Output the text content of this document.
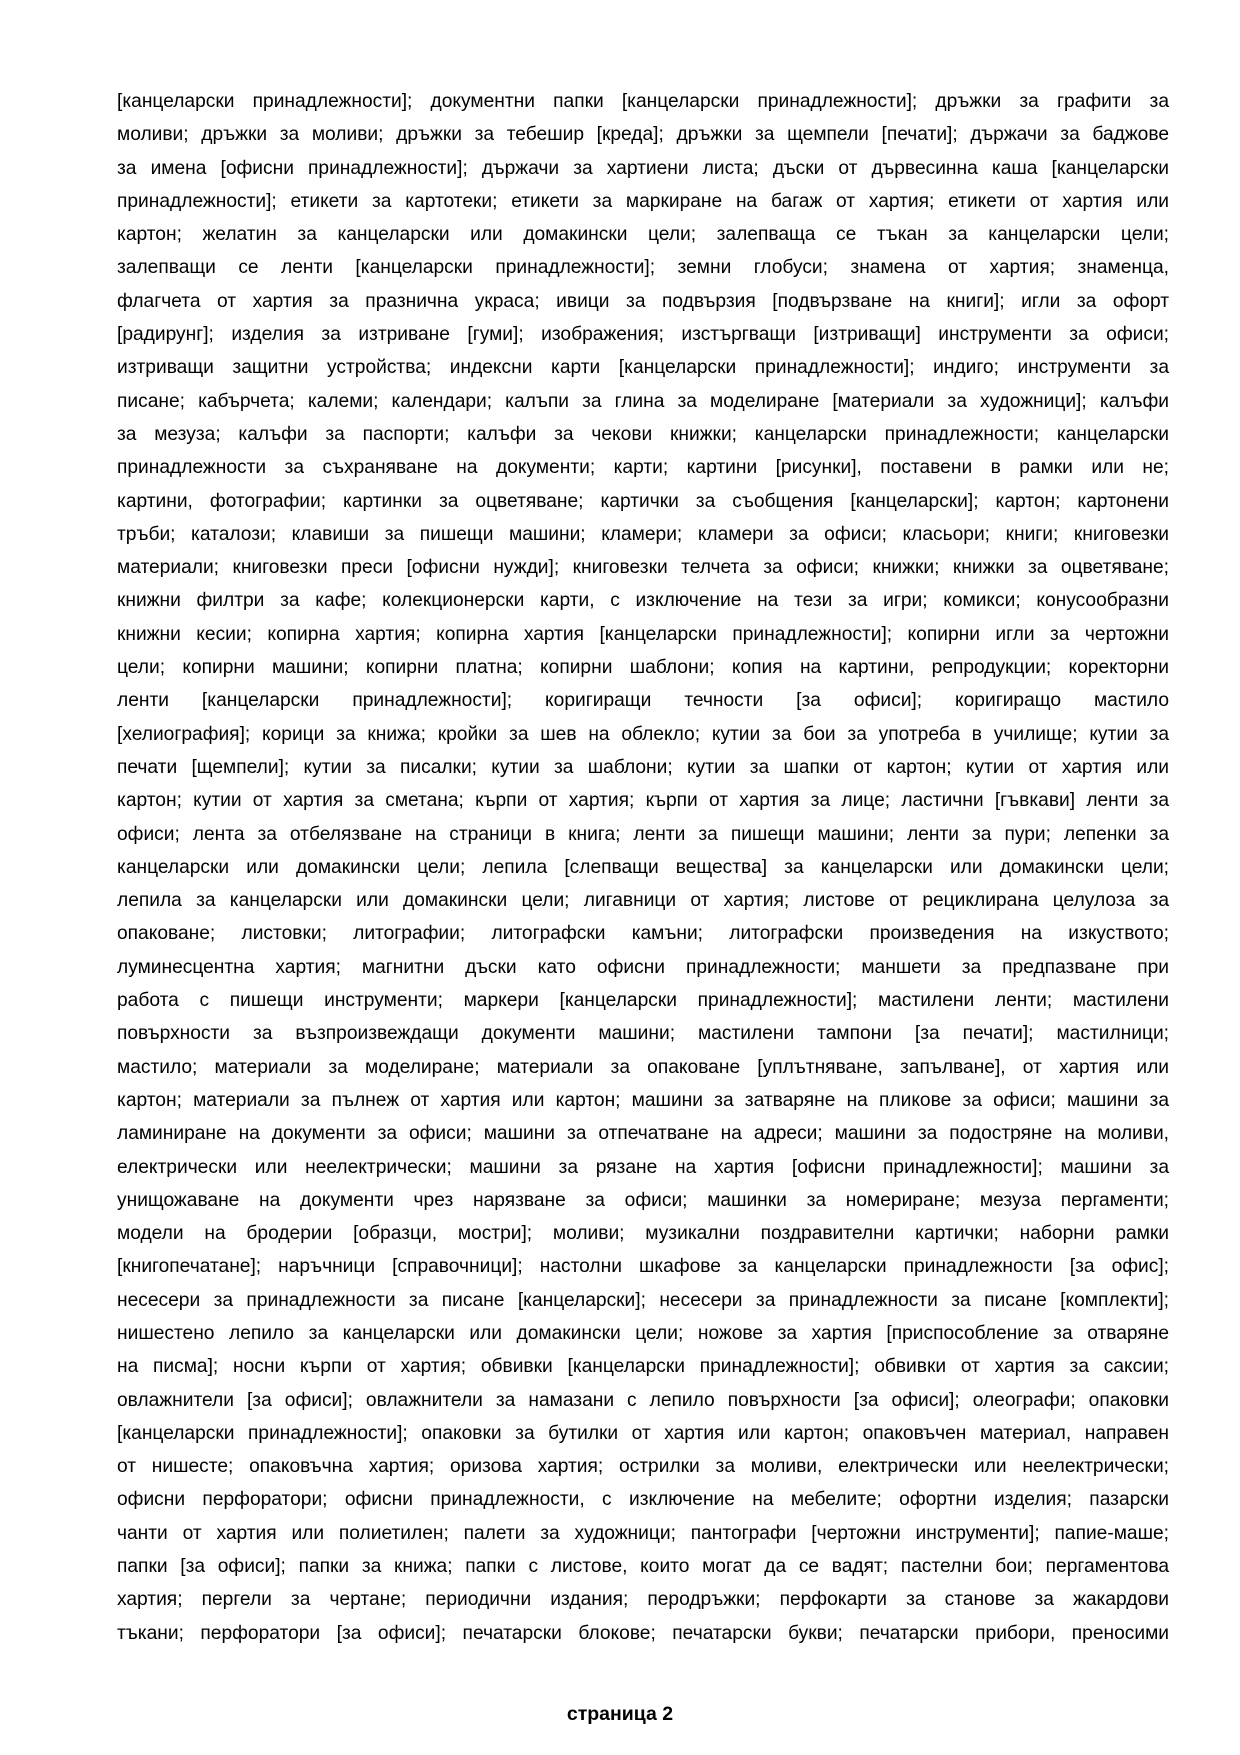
[канцеларски принадлежности]; документни папки [канцеларски принадлежности]; дръжки за графити за
моливи; дръжки за моливи; дръжки за тебешир [креда]; дръжки за щемпели [печати]; държачи за баджове
за имена [офисни принадлежности]; държачи за хартиени листа; дъски от дървесинна каша [канцеларски
принадлежности]; етикети за картотеки; етикети за маркиране на багаж от хартия; етикети от хартия или
картон; желатин за канцеларски или домакински цели; залепваща се тъкан за канцеларски цели;
залепващи се ленти [канцеларски принадлежности]; земни глобуси; знамена от хартия; знаменца,
флагчета от хартия за празнична украса; ивици за подвързия [подвързване на книги]; игли за офорт
[радирунг]; изделия за изтриване [гуми]; изображения; изстъргващи [изтриващи] инструменти за офиси;
изтриващи защитни устройства; индексни карти [канцеларски принадлежности]; индиго; инструменти за
писане; кабърчета; калеми; календари; калъпи за глина за моделиране [материали за художници]; калъфи
за мезуза; калъфи за паспорти; калъфи за чекови книжки; канцеларски принадлежности; канцеларски
принадлежности за съхраняване на документи; карти; картини [рисунки], поставени в рамки или не;
картини, фотографии; картинки за оцветяване; картички за съобщения [канцеларски]; картон; картонени
тръби; каталози; клавиши за пишещи машини; кламери; кламери за офиси; класьори; книги; книговезки
материали; книговезки преси [офисни нужди]; книговезки телчета за офиси; книжки; книжки за оцветяване;
книжни филтри за кафе; колекционерски карти, с изключение на тези за игри; комикси; конусообразни
книжни кесии; копирна хартия; копирна хартия [канцеларски принадлежности]; копирни игли за чертожни
цели; копирни машини; копирни платна; копирни шаблони; копия на картини, репродукции; коректорни
ленти [канцеларски принадлежности]; коригиращи течности [за офиси]; коригиращо мастило
[хелиография]; корици за книжа; кройки за шев на облекло; кутии за бои за употреба в училище; кутии за
печати [щемпели]; кутии за писалки; кутии за шаблони; кутии за шапки от картон; кутии от хартия или
картон; кутии от хартия за сметана; кърпи от хартия; кърпи от хартия за лице; ластични [гъвкави] ленти за
офиси; лента за отбелязване на страници в книга; ленти за пишещи машини; ленти за пури; лепенки за
канцеларски или домакински цели; лепила [слепващи вещества] за канцеларски или домакински цели;
лепила за канцеларски или домакински цели; лигавници от хартия; листове от рециклирана целулоза за
опаковане; листовки; литографии; литографски камъни; литографски произведения на изкуството;
луминесцентна хартия; магнитни дъски като офисни принадлежности; маншети за предпазване при
работа с пишещи инструменти; маркери [канцеларски принадлежности]; мастилени ленти; мастилени
повърхности за възпроизвеждащи документи машини; мастилени тампони [за печати]; мастилници;
мастило; материали за моделиране; материали за опаковане [уплътняване, запълване], от хартия или
картон; материали за пълнеж от хартия или картон; машини за затваряне на пликове за офиси; машини за
ламиниране на документи за офиси; машини за отпечатване на адреси; машини за подостряне на моливи,
електрически или неелектрически; машини за рязане на хартия [офисни принадлежности]; машини за
унищожаване на документи чрез нарязване за офиси; машинки за номериране; мезуза пергаменти;
модели на бродерии [образци, мостри]; моливи; музикални поздравителни картички; наборни рамки
[книгопечатане]; наръчници [справочници]; настолни шкафове за канцеларски принадлежности [за офис];
несесери за принадлежности за писане [канцеларски]; несесери за принадлежности за писане [комплекти];
нишестено лепило за канцеларски или домакински цели; ножове за хартия [приспособление за отваряне
на писма]; носни кърпи от хартия; обвивки [канцеларски принадлежности]; обвивки от хартия за саксии;
овлажнители [за офиси]; овлажнители за намазани с лепило повърхности [за офиси]; олеографи; опаковки
[канцеларски принадлежности]; опаковки за бутилки от хартия или картон; опаковъчен материал, направен
от нишесте; опаковъчна хартия; оризова хартия; острилки за моливи, електрически или неелектрически;
офисни перфоратори; офисни принадлежности, с изключение на мебелите; офортни изделия; пазарски
чанти от хартия или полиетилен; палети за художници; пантографи [чертожни инструменти]; папие-маше;
папки [за офиси]; папки за книжа; папки с листове, които могат да се вадят; пастелни бои; пергаментова
хартия; пергели за чертане; периодични издания; перодръжки; перфокарти за станове за жакардови
тъкани; перфоратори [за офиси]; печатарски блокове; печатарски букви; печатарски прибори, преносими
страница 2
